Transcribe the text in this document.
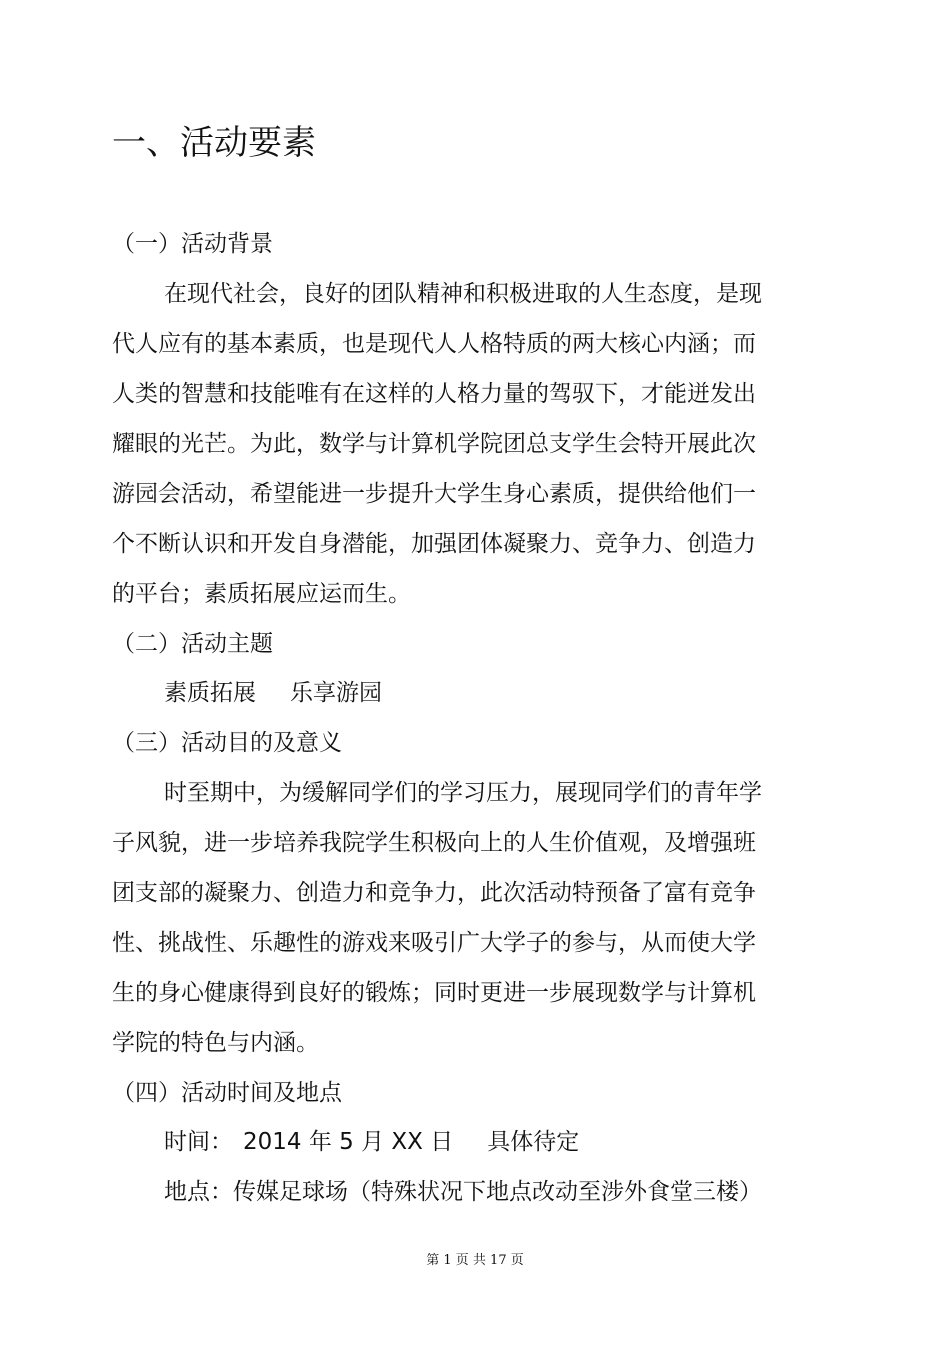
一、活动要素
（一）活动背景
在现代社会，良好的团队精神和积极进取的人生态度，是现
代人应有的基本素质，也是现代人人格特质的两大核心内涵；而
人类的智慧和技能唯有在这样的人格力量的驾驭下，才能迸发出
耀眼的光芒。为此，数学与计算机学院团总支学生会特开展此次
游园会活动，希望能进一步提升大学生身心素质，提供给他们一
个不断认识和开发自身潜能，加强团体凝聚力、竞争力、创造力
的平台；素质拓展应运而生。
（二）活动主题
素质拓展 乐享游园
（三）活动目的及意义
时至期中，为缓解同学们的学习压力，展现同学们的青年学
子风貌，进一步培养我院学生积极向上的人生价值观，及增强班
团支部的凝聚力、创造力和竞争力，此次活动特预备了富有竞争
性、挑战性、乐趣性的游戏来吸引广大学子的参与，从而使大学
生的身心健康得到良好的锻炼；同时更进一步展现数学与计算机
学院的特色与内涵。
（四）活动时间及地点
时间： 2014 年 5 月 XX 日 具体待定
地点：传媒足球场（特殊状况下地点改动至涉外食堂三楼）
第 1 页 共 17 页
